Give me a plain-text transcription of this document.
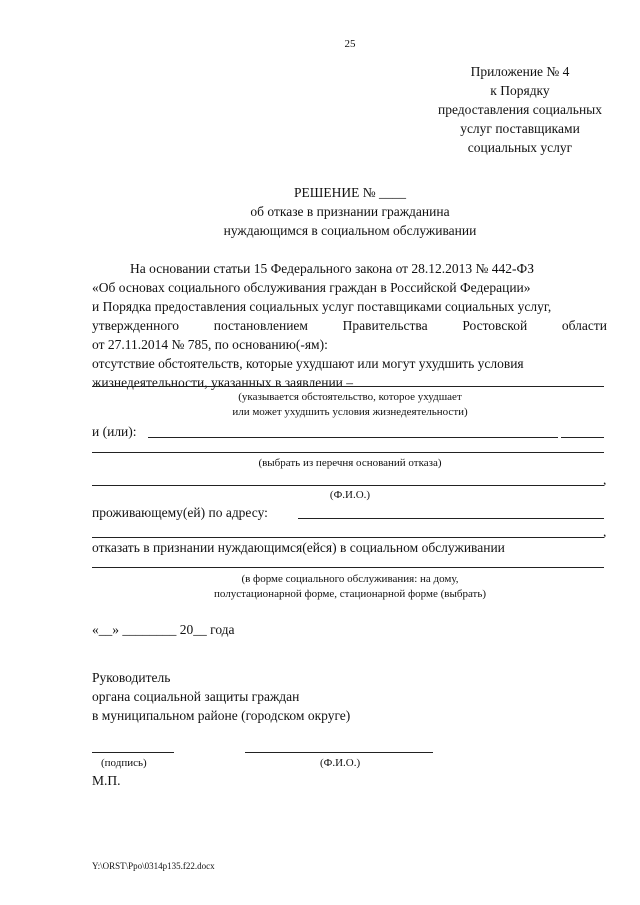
25
Приложение № 4
к Порядку
предоставления социальных
услуг поставщиками
социальных услуг
РЕШЕНИЕ № ____
об отказе в признании гражданина
нуждающимся в социальном обслуживании
На основании статьи 15 Федерального закона от 28.12.2013 № 442-ФЗ
«Об основах социального обслуживания граждан в Российской Федерации»
и Порядка предоставления социальных услуг поставщиками социальных услуг,
утвержденного	постановлением	Правительства	Ростовской	области
от 27.11.2014 № 785, по основанию(-ям):
отсутствие обстоятельств, которые ухудшают или могут ухудшить условия
жизнедеятельности, указанных в заявлении –
(указывается обстоятельство, которое ухудшает
или может ухудшить условия жизнедеятельности)
и (или):
(выбрать из перечня оснований отказа)
,
(Ф.И.О.)
проживающему(ей) по адресу:
,
отказать в признании нуждающимся(ейся) в социальном обслуживании
(в форме социального обслуживания: на дому,
полустационарной форме, стационарной форме (выбрать)
«__» ________ 20__ года
Руководитель
органа социальной защиты граждан
в муниципальном районе (городском округе)
(подпись)	(Ф.И.О.)
М.П.
Y:\ORST\Ppo\0314p135.f22.docx
